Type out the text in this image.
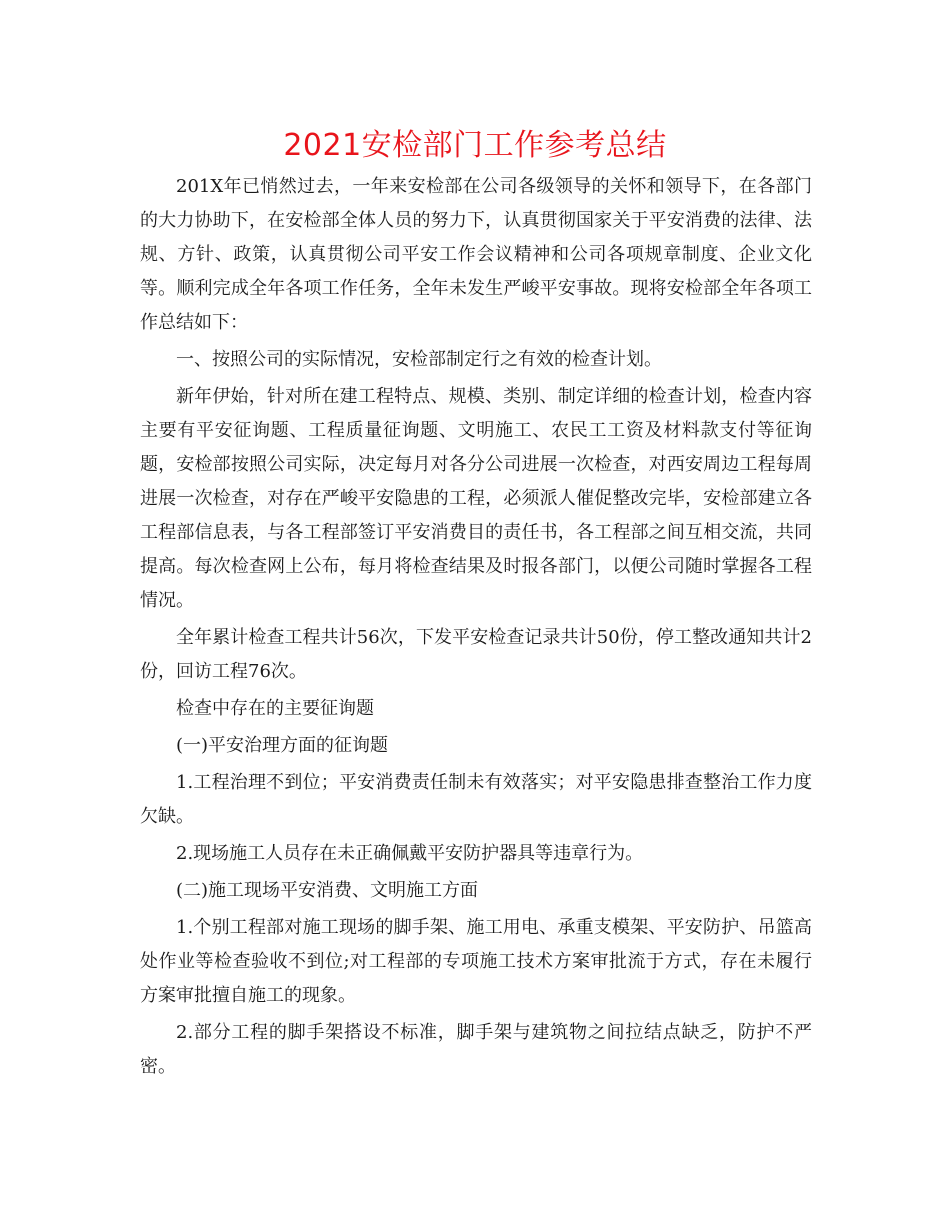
2021安检部门工作参考总结

201X年已悄然过去，一年来安检部在公司各级领导的关怀和领导下，在各部门的大力协助下，在安检部全体人员的努力下，认真贯彻国家关于平安消费的法律、法规、方针、政策，认真贯彻公司平安工作会议精神和公司各项规章制度、企业文化等。顺利完成全年各项工作任务，全年未发生严峻平安事故。现将安检部全年各项工作总结如下：

一、按照公司的实际情况，安检部制定行之有效的检查计划。

新年伊始，针对所在建工程特点、规模、类别、制定详细的检查计划，检查内容主要有平安征询题、工程质量征询题、文明施工、农民工工资及材料款支付等征询题，安检部按照公司实际，决定每月对各分公司进展一次检查，对西安周边工程每周进展一次检查，对存在严峻平安隐患的工程，必须派人催促整改完毕，安检部建立各工程部信息表，与各工程部签订平安消费目的责任书，各工程部之间互相交流，共同提高。每次检查网上公布，每月将检查结果及时报各部门，以便公司随时掌握各工程情况。

全年累计检查工程共计56次，下发平安检查记录共计50份，停工整改通知共计2份，回访工程76次。

检查中存在的主要征询题

(一)平安治理方面的征询题

1.工程治理不到位；平安消费责任制未有效落实；对平安隐患排查整治工作力度欠缺。

2.现场施工人员存在未正确佩戴平安防护器具等违章行为。

(二)施工现场平安消费、文明施工方面

1.个别工程部对施工现场的脚手架、施工用电、承重支模架、平安防护、吊篮高处作业等检查验收不到位;对工程部的专项施工技术方案审批流于方式，存在未履行方案审批擅自施工的现象。

2.部分工程的脚手架搭设不标准，脚手架与建筑物之间拉结点缺乏，防护不严密。
